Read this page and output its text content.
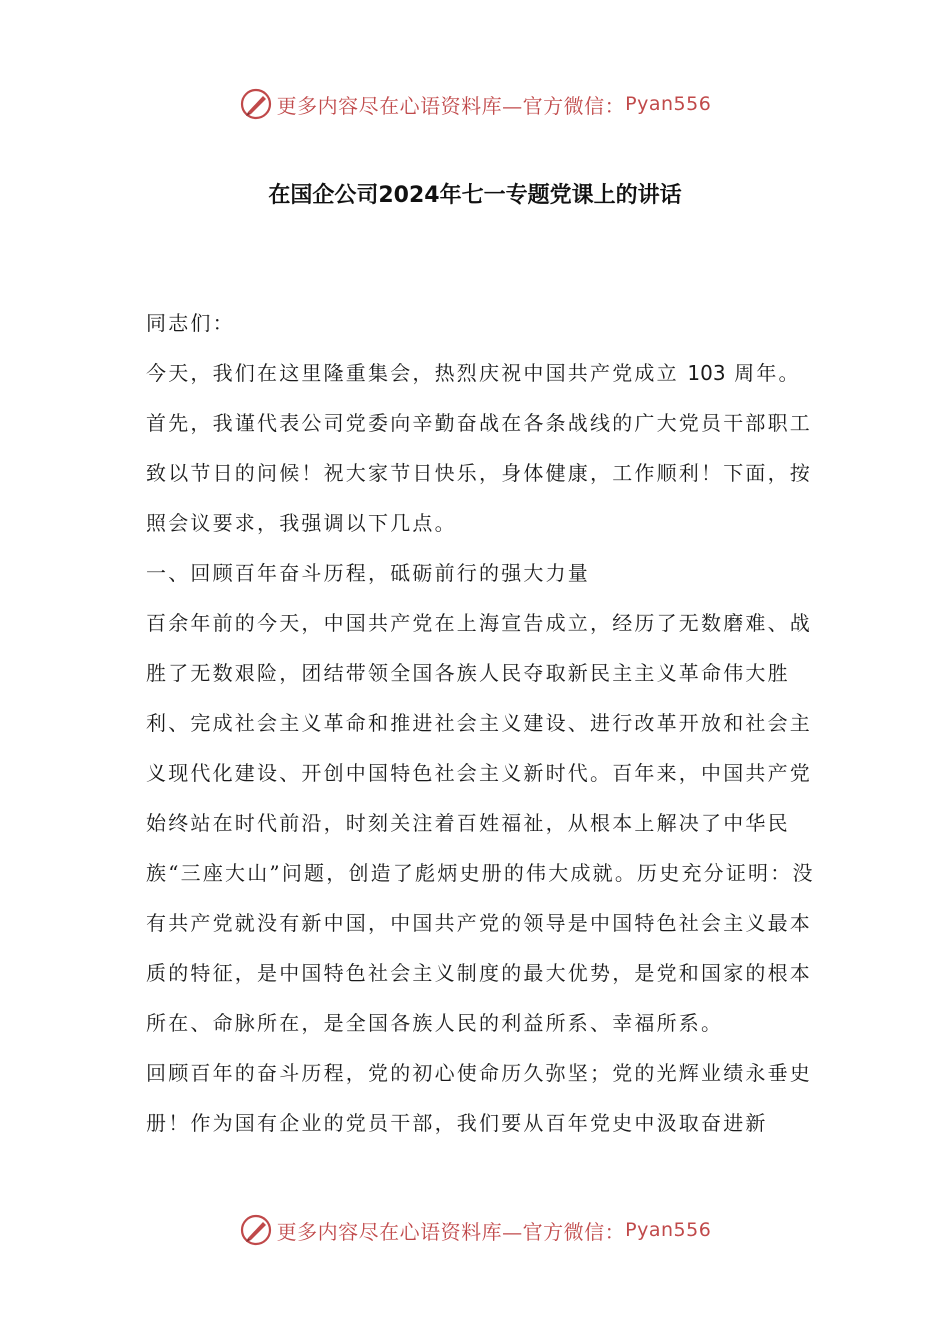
更多内容尽在心语资料库—官方微信： Pyan556
在国企公司2024年七一专题党课上的讲话

同志们：

今天，我们在这里隆重集会，热烈庆祝中国共产党成立 103 周年。

首先，我谨代表公司党委向辛勤奋战在各条战线的广大党员干部职工致以节日的问候！祝大家节日快乐，身体健康，工作顺利！下面，按照会议要求，我强调以下几点。

一、回顾百年奋斗历程，砥砺前行的强大力量

百余年前的今天，中国共产党在上海宣告成立，经历了无数磨难、战胜了无数艰险，团结带领全国各族人民夺取新民主主义革命伟大胜利、完成社会主义革命和推进社会主义建设、进行改革开放和社会主义现代化建设、开创中国特色社会主义新时代。百年来，中国共产党始终站在时代前沿，时刻关注着百姓福祉，从根本上解决了中华民族“三座大山”问题，创造了彪炳史册的伟大成就。历史充分证明：没有共产党就没有新中国，中国共产党的领导是中国特色社会主义最本质的特征，是中国特色社会主义制度的最大优势，是党和国家的根本所在、命脉所在，是全国各族人民的利益所系、幸福所系。

回顾百年的奋斗历程，党的初心使命历久弥坚；党的光辉业绩永垂史册！作为国有企业的党员干部，我们要从百年党史中汲取奋进新

更多内容尽在心语资料库—官方微信： Pyan556
